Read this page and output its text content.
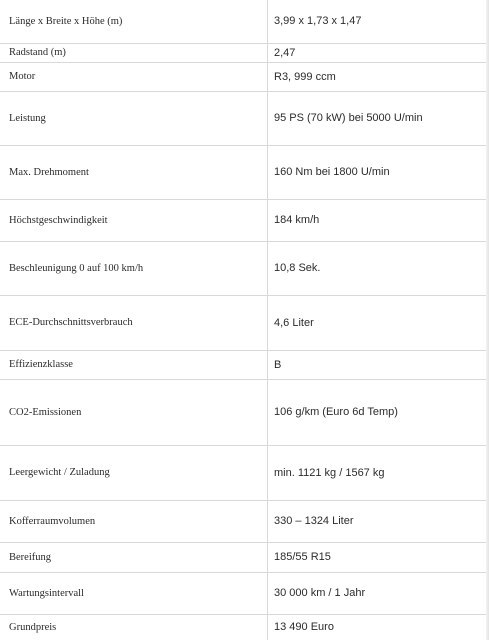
Länge x Breite x Höhe (m)	3,99 x 1,73 x 1,47
Radstand (m)	2,47
Motor	R3, 999 ccm
Leistung	95 PS (70 kW) bei 5000 U/min
Max. Drehmoment	160 Nm bei 1800 U/min
Höchstgeschwindigkeit	184 km/h
Beschleunigung 0 auf 100 km/h	10,8 Sek.
ECE-Durchschnittsverbrauch	4,6 Liter
Effizienzklasse	B
CO2-Emissionen	106 g/km (Euro 6d Temp)
Leergewicht / Zuladung	min. 1121 kg / 1567 kg
Kofferraumvolumen	330 – 1324 Liter
Bereifung	185/55 R15
Wartungsintervall	30 000 km / 1 Jahr
Grundpreis	13 490 Euro
